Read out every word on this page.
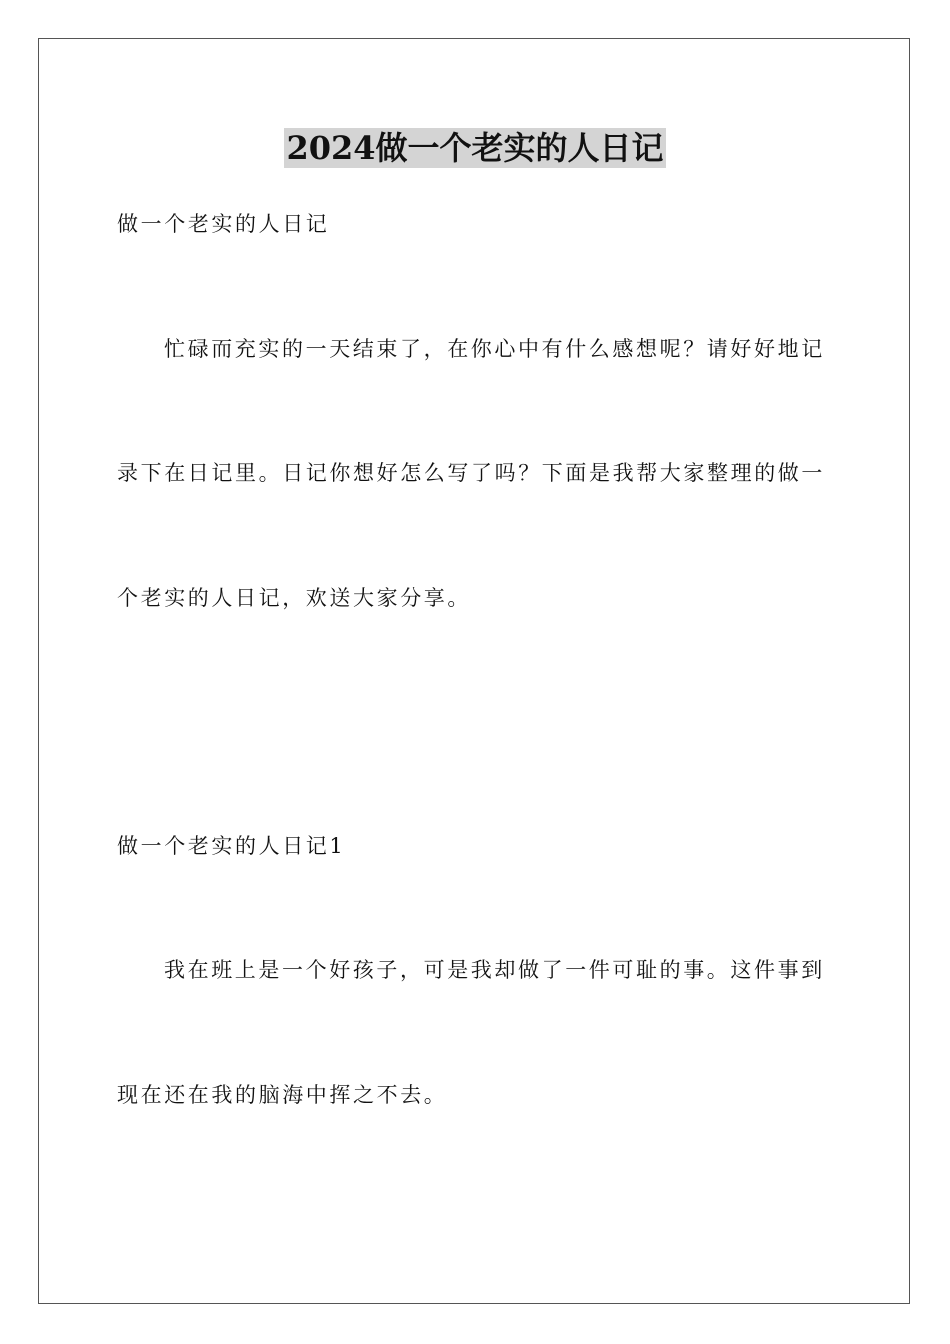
2024做一个老实的人日记
做一个老实的人日记
忙碌而充实的一天结束了，在你心中有什么感想呢？请好好地记
录下在日记里。日记你想好怎么写了吗？下面是我帮大家整理的做一
个老实的人日记，欢送大家分享。
做一个老实的人日记1
我在班上是一个好孩子，可是我却做了一件可耻的事。这件事到
现在还在我的脑海中挥之不去。
